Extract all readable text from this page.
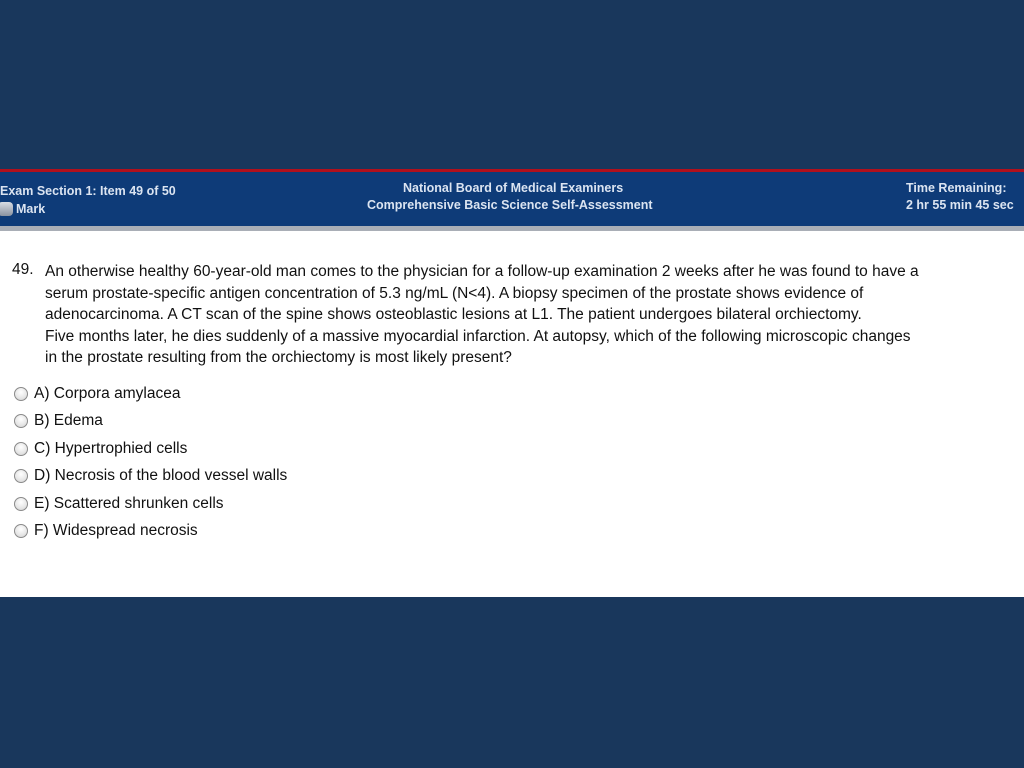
Exam Section 1: Item 49 of 50
Mark
National Board of Medical Examiners
Comprehensive Basic Science Self-Assessment
Time Remaining:
2 hr 55 min 45 sec
49. An otherwise healthy 60-year-old man comes to the physician for a follow-up examination 2 weeks after he was found to have a
serum prostate-specific antigen concentration of 5.3 ng/mL (N<4). A biopsy specimen of the prostate shows evidence of
adenocarcinoma. A CT scan of the spine shows osteoblastic lesions at L1. The patient undergoes bilateral orchiectomy.
Five months later, he dies suddenly of a massive myocardial infarction. At autopsy, which of the following microscopic changes
in the prostate resulting from the orchiectomy is most likely present?
A) Corpora amylacea
B) Edema
C) Hypertrophied cells
D) Necrosis of the blood vessel walls
E) Scattered shrunken cells
F) Widespread necrosis
